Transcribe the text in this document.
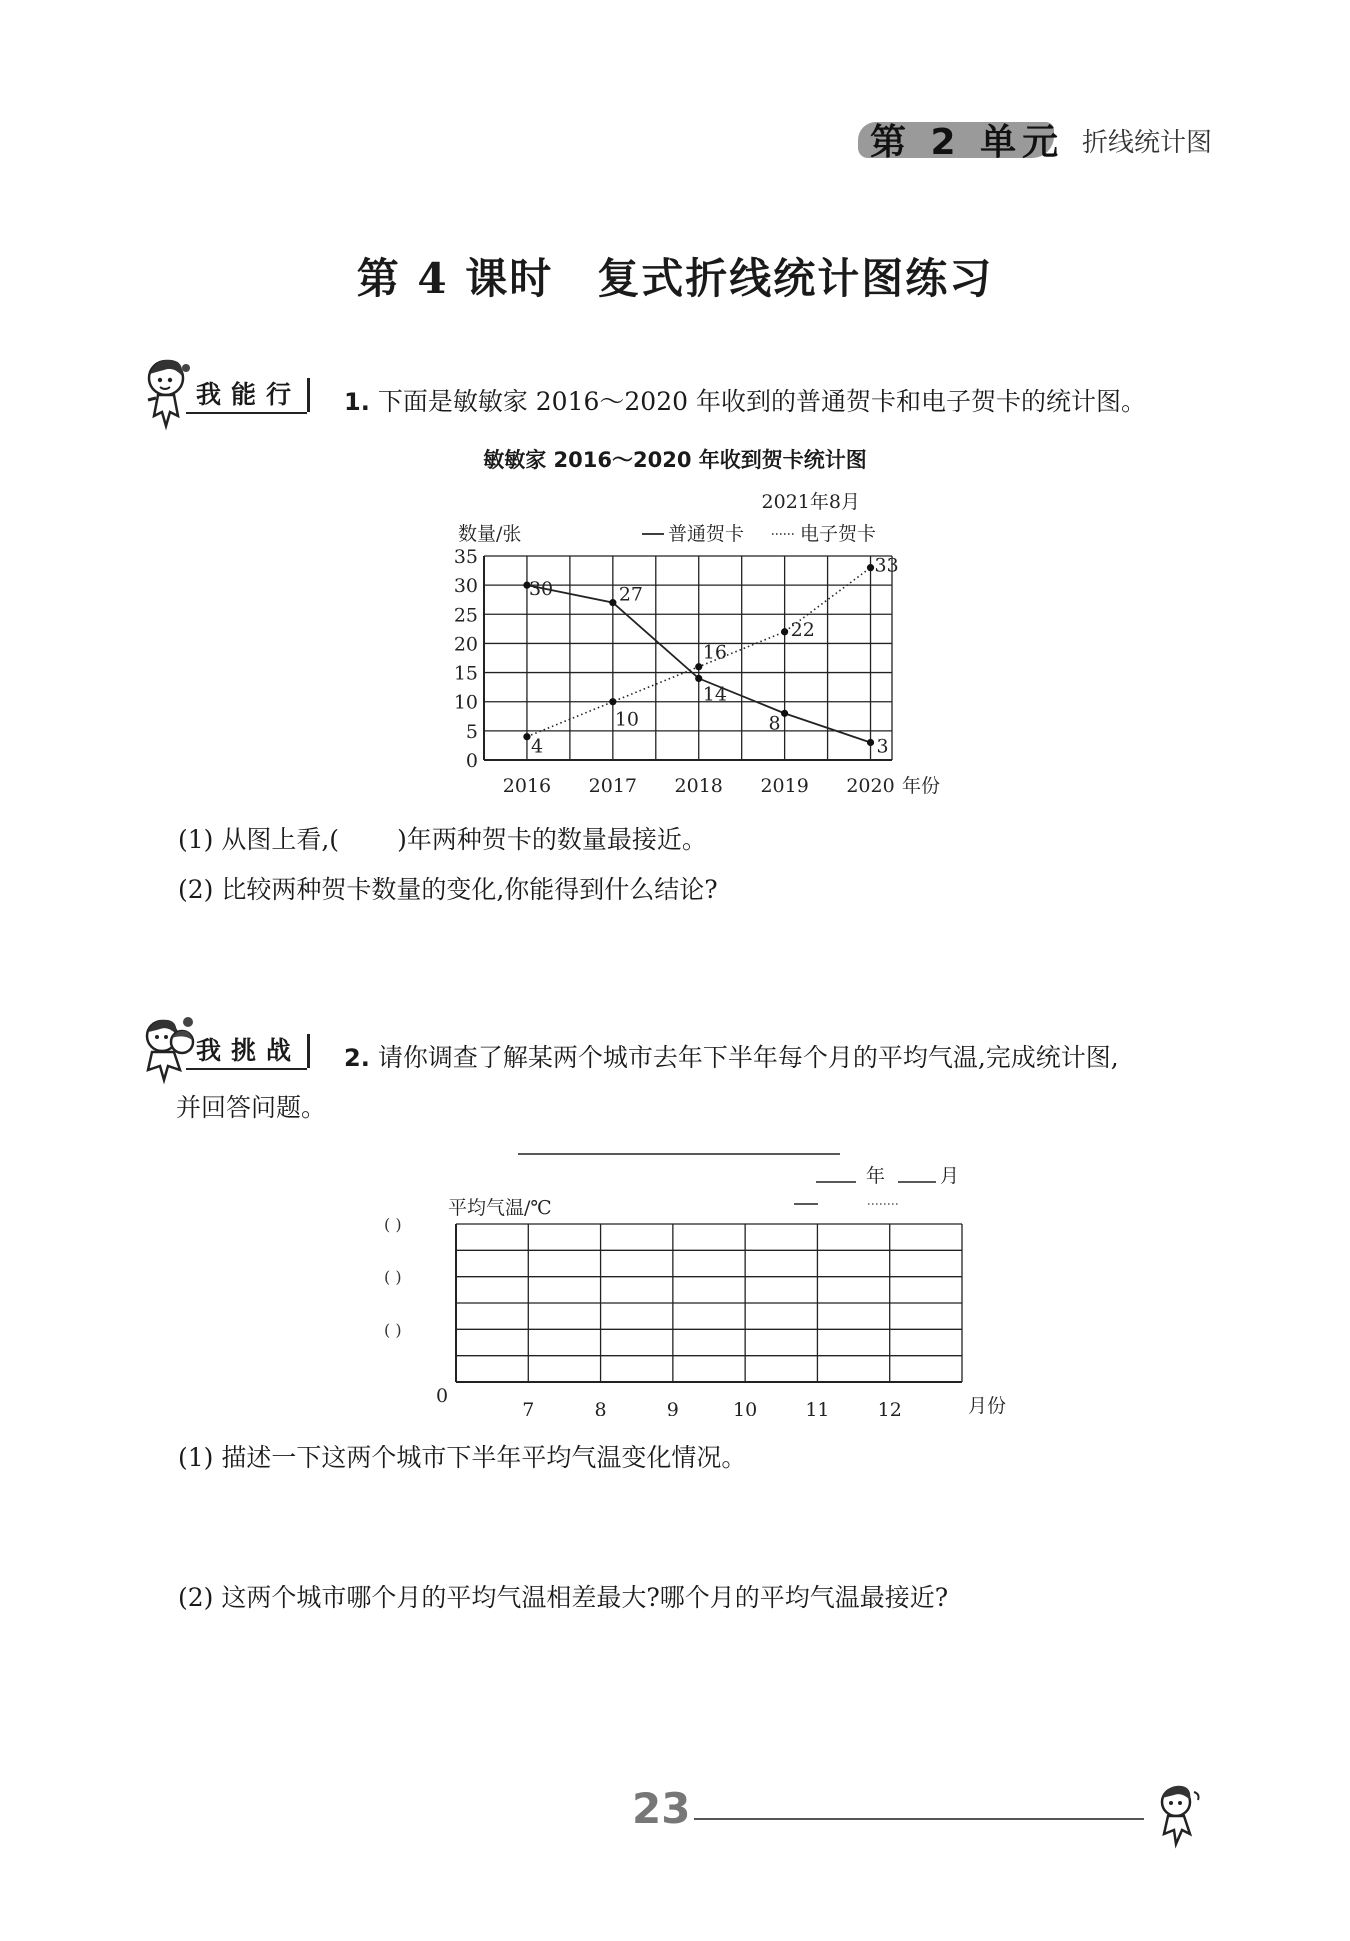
第 2 单元 折线统计图
第 4 课时 复式折线统计图练习
我能行	1. 下面是敏敏家 2016～2020 年收到的普通贺卡和电子贺卡的统计图。
敏敏家 2016～2020 年收到贺卡统计图
0
5
10
15
20
25
30
35
2021年8月
数量/张
年份
普通贺卡	电子贺卡
2016 2017 2018 2019 2020
30	27
14
8
3
4
10
16
22
33
(1) 从图上看,( )年两种贺卡的数量最接近。
(2) 比较两种贺卡数量的变化,你能得到什么结论?
我挑战	2. 请你调查了解某两个城市去年下半年每个月的平均气温,完成统计图,
并回答问题。
年	月
平均气温/℃
( )
( )
( )
0
7	8	9	10	11	12	月份
(1) 描述一下这两个城市下半年平均气温变化情况。
(2) 这两个城市哪个月的平均气温相差最大?哪个月的平均气温最接近?
23
